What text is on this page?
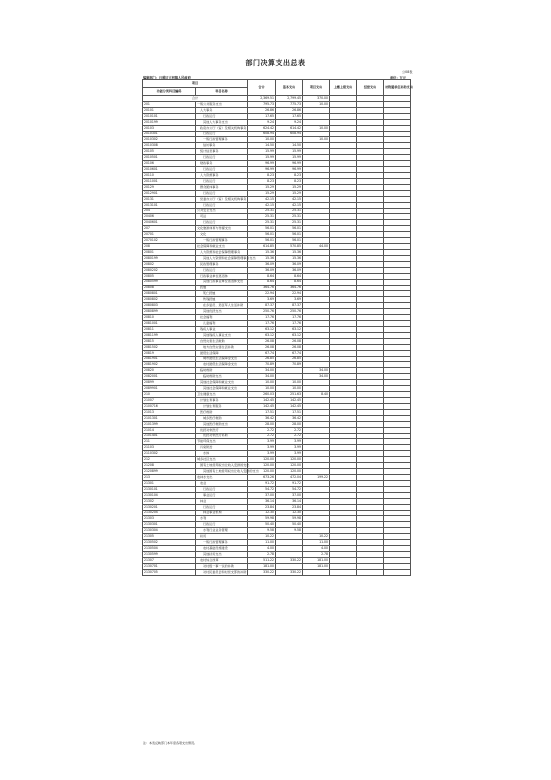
部门决算支出总表
公08表
编制部门：日照区大河镇人民政府	单位：万元
项目		合计	基本支出	项目支出	上缴上级支出	经营支出	对附属单位补助支出
功能分类科目编码	科目名称						
合计		2,369.51	2,799.45	370.00			
201	一般公共服务支出	795.73	775.73	10.00			
20101	人大事务	26.86	26.86				
2010101	行政运行	17.65	17.65				
2010199	其他人大事务支出	9.24	9.24				
20103	政府办公厅（室）及相关机构事务	624.42	614.42	10.00			
2010301	行政运行	608.94	608.94				
2010302	一般行政管理事务	10.00		10.00			
2010308	信访事务	14.50	14.50				
20105	统计信息事务	15.99	15.99				
2010501	行政运行	15.99	15.99				
20106	财政事务	96.99	96.99				
2010601	行政运行	96.99	96.99				
20110	人力资源事务	8.23	8.23				
2011001	行政运行	8.23	8.23				
20129	群众团体事务	15.29	15.29				
2012901	行政运行	15.29	15.29				
20131	党委办公厅（室）及相关机构事务	42.15	42.15				
2013101	行政运行	42.15	42.15				
204	公共安全支出	25.31	25.31				
20406	司法	25.31	25.31				
2040601	行政运行	25.31	25.31				
207	文化旅游体育与传媒支出	56.01	56.01				
20701	文化	56.01	56.01				
2070102	一般行政管理事务	56.01	56.01				
208	社会保障和就业支出	614.85	570.85	44.00			
20801	人力资源和社会保障管理事务	15.36	15.36				
2080199	其他人力资源和社会保障管理事务支出	15.36	15.36				
20802	民政管理事务	36.09	36.09				
2080202	行政运行	36.09	36.09				
20805	行政事业单位离退休	8.64	8.64				
2080599	其他行政事业单位离退休支出	8.64	8.64				
20808	抚恤	364.76	364.76				
2080801	死亡抚恤	22.94	22.94				
2080802	伤残抚恤	3.69	3.69				
2080803	在乡复员、退伍军人生活补助	87.37	87.37				
2080899	其他优抚支出	250.76	250.76				
20810	社会福利	17.76	17.76				
2081001	儿童福利	17.76	17.76				
20811	残疾人事业	63.12	63.12				
2081199	其他残疾人事业支出	63.12	63.12				
20815	自然灾害生活救助	26.08	26.08				
2081502	地方自然灾害生活补助	26.08	26.08				
20819	最低生活保障	67.74	67.74				
2081901	城市最低生活保障金支出	26.85	26.85				
2081902	农村最低生活保障金支出	70.89	70.89				
20820	临时救助	34.00		34.00			
2082001	临时救助支出	34.00		34.00			
20899	其他社会保障和就业支出	10.00	10.00				
2089901	其他社会保障和就业支出	10.00	10.00				
210	卫生健康支出	260.03	251.63	8.40			
21007	计划生育事务	142.45	142.45				
2100716	计划生育服务	142.45	142.45				
21013	医疗救助	17.51	17.51				
2101301	城乡医疗救助	36.42	36.42				
2101399	其他医疗救助支出	28.00	28.00				
21014	优抚对象医疗	2.72	2.72				
2101401	优抚对象医疗补助	2.72	2.72				
211	节能环保支出	3.99	3.99				
21103	污染防治	3.99	3.99				
2110302	水体	3.99	3.99				
212	城乡社区支出	120.00	120.00				
21208	国有土地使用权出让收入安排的支出	120.00	120.00				
2120899	其他国有土地使用权出让收入安排的支出	120.00	120.00				
213	农林水支出	673.26	472.04	199.22			
21301	农业	91.72	91.72				
2130101	行政运行	54.72	54.72				
2130104	事业运行	37.00	37.00				
21302	林业	36.14	36.14				
2130201	行政运行	23.84	23.84				
2130204	林业事业机构	12.30	12.30				
21303	水利	59.98	59.98				
2130301	行政运行	50.40	50.40				
2130304	水利行业业务管理	9.58	9.58				
21305	扶贫	10.22		10.22			
2130502	一般行政管理事务	11.00		11.00			
2130504	农村基础设施建设	4.00		4.00			
2130599	其他扶贫支出	2.78		2.78			
21307	农村综合改革	511.22	330.22	181.00			
2130701	对村级一事一议的补助	181.00		181.00			
2130705	对村民委员会和村党支部的补助	330.22	330.22				
注：本表反映部门本年度各项支出情况。
